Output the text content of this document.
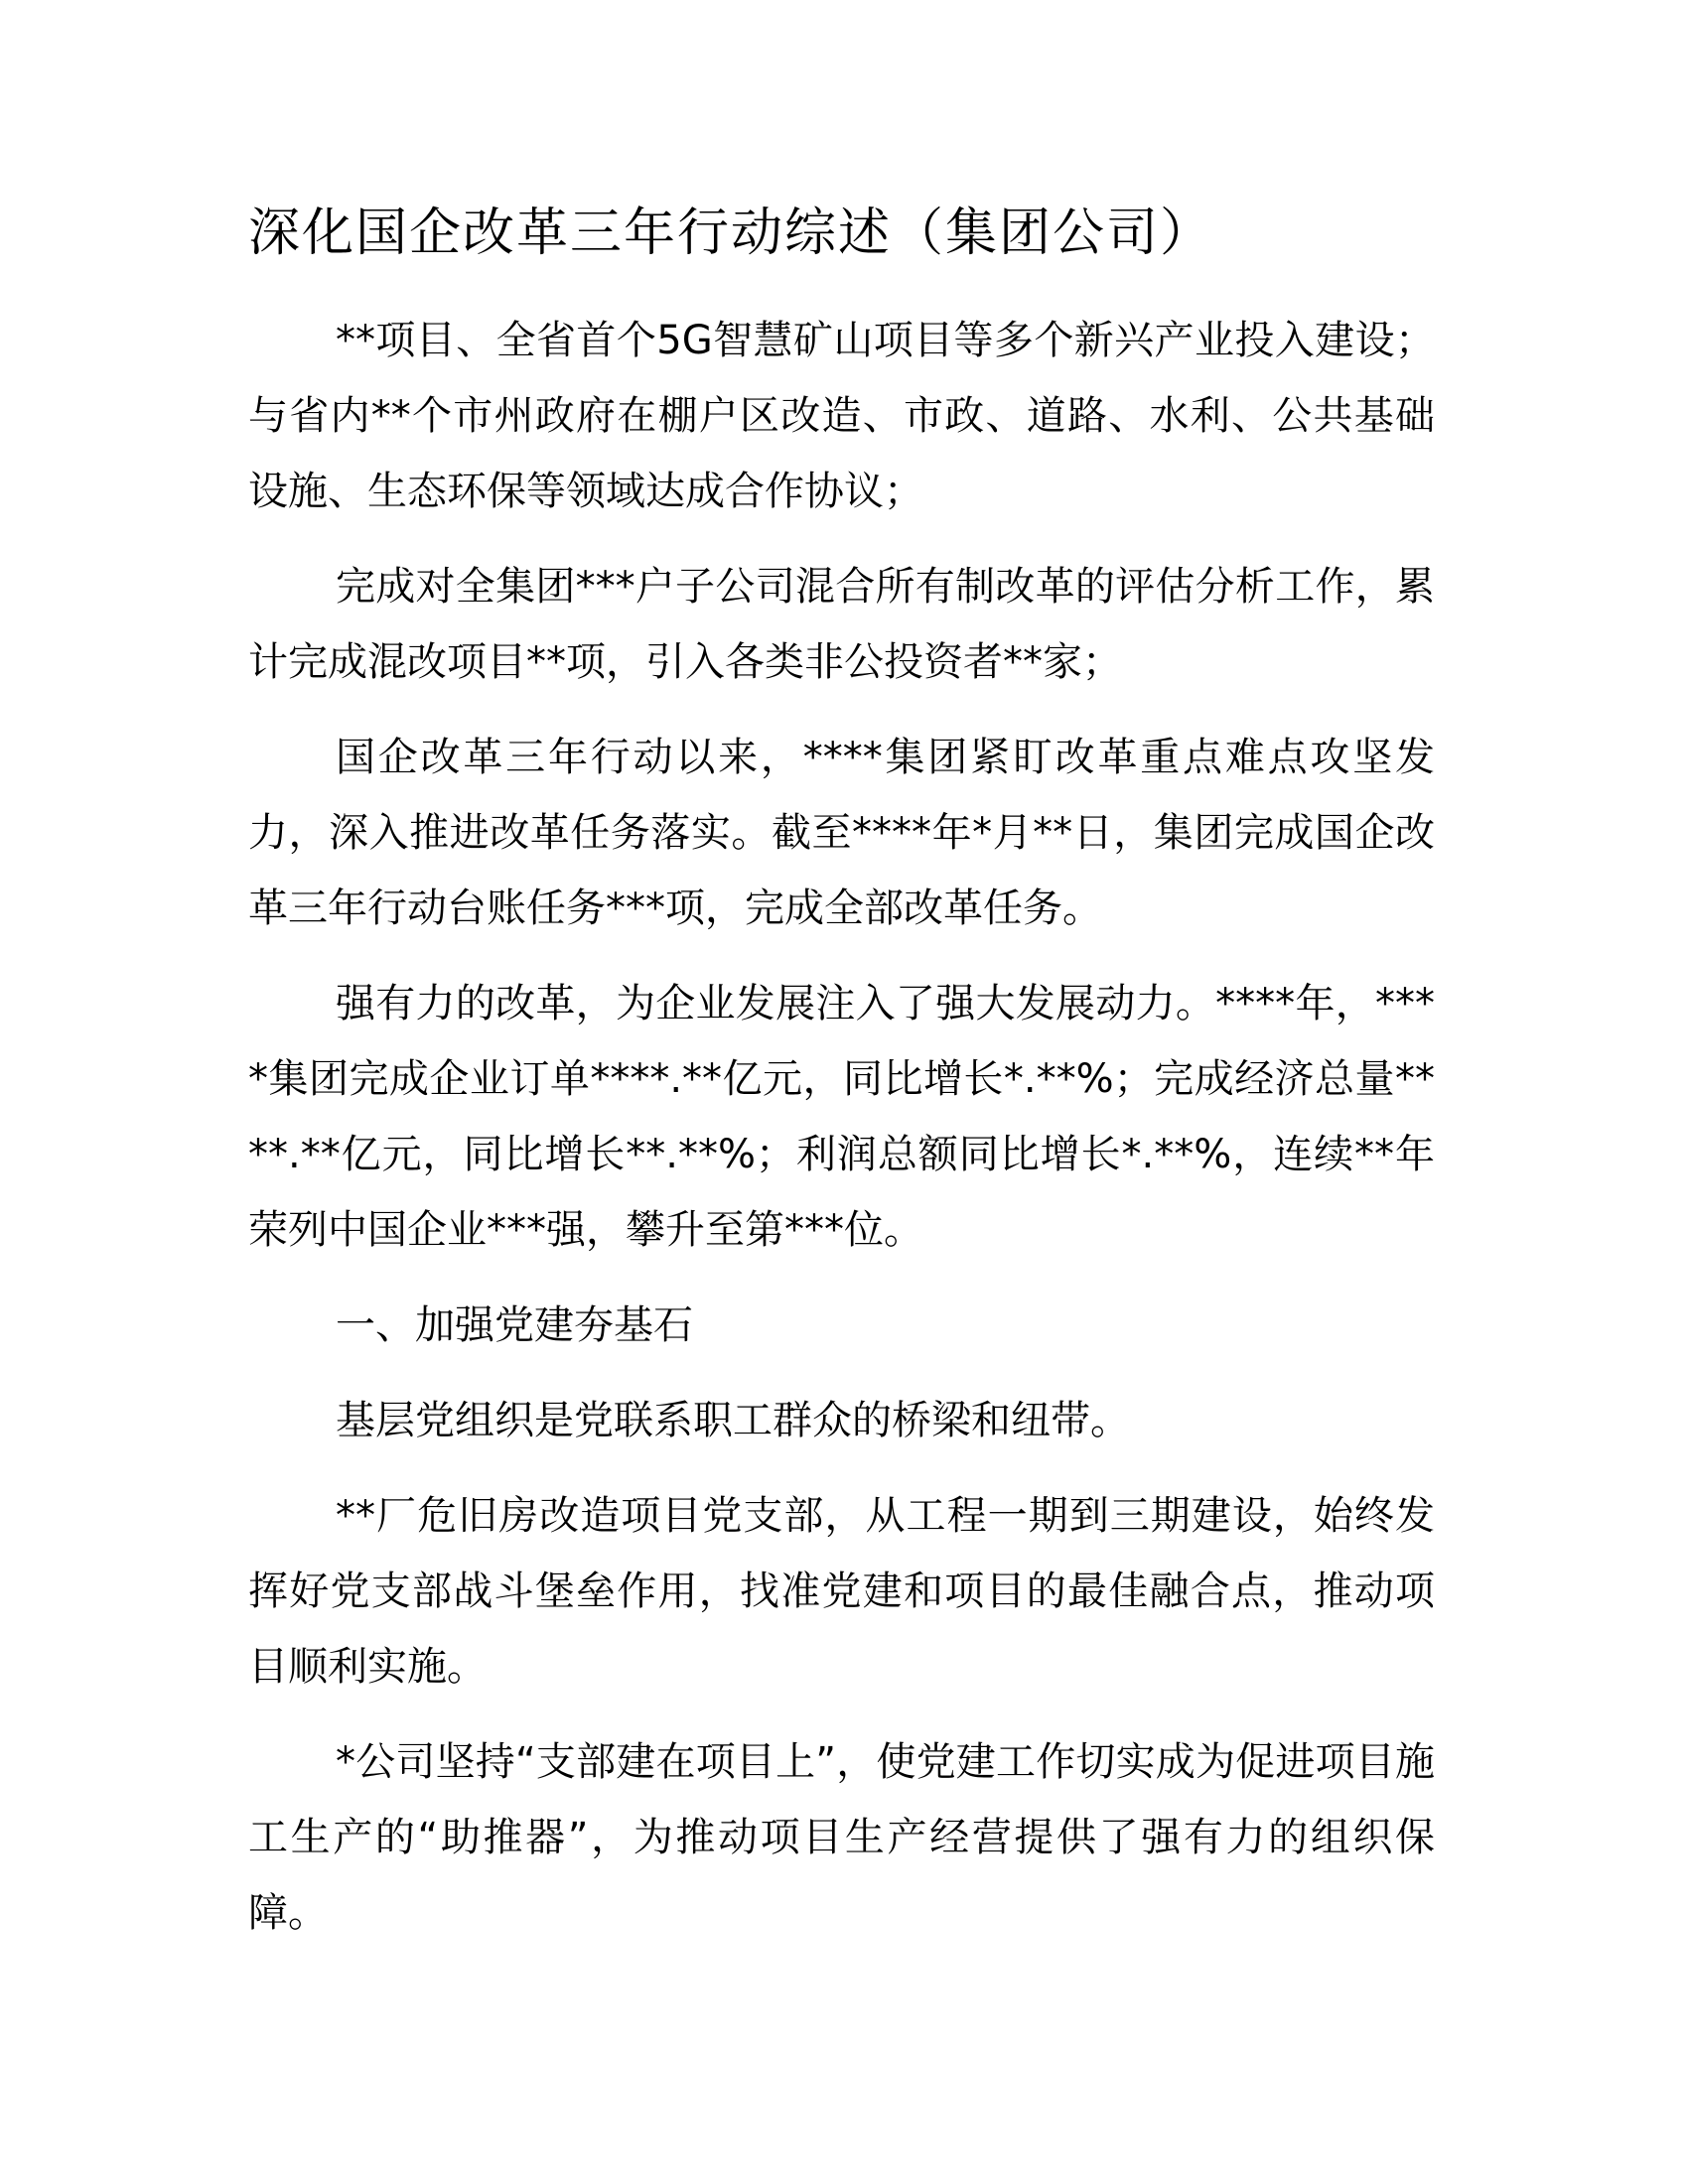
深化国企改革三年行动综述（集团公司）

**项目、全省首个5G智慧矿山项目等多个新兴产业投入建设；与省内**个市州政府在棚户区改造、市政、道路、水利、公共基础设施、生态环保等领域达成合作协议；

完成对全集团***户子公司混合所有制改革的评估分析工作，累计完成混改项目**项，引入各类非公投资者**家；

国企改革三年行动以来，****集团紧盯改革重点难点攻坚发力，深入推进改革任务落实。截至****年*月**日，集团完成国企改革三年行动台账任务***项，完成全部改革任务。

强有力的改革，为企业发展注入了强大发展动力。****年，****集团完成企业订单****.**亿元，同比增长*.**%；完成经济总量****.**亿元，同比增长**.**%；利润总额同比增长*.**%，连续**年荣列中国企业***强，攀升至第***位。

一、加强党建夯基石

基层党组织是党联系职工群众的桥梁和纽带。

**厂危旧房改造项目党支部，从工程一期到三期建设，始终发挥好党支部战斗堡垒作用，找准党建和项目的最佳融合点，推动项目顺利实施。

*公司坚持“支部建在项目上”，使党建工作切实成为促进项目施工生产的“助推器”，为推动项目生产经营提供了强有力的组织保障。
